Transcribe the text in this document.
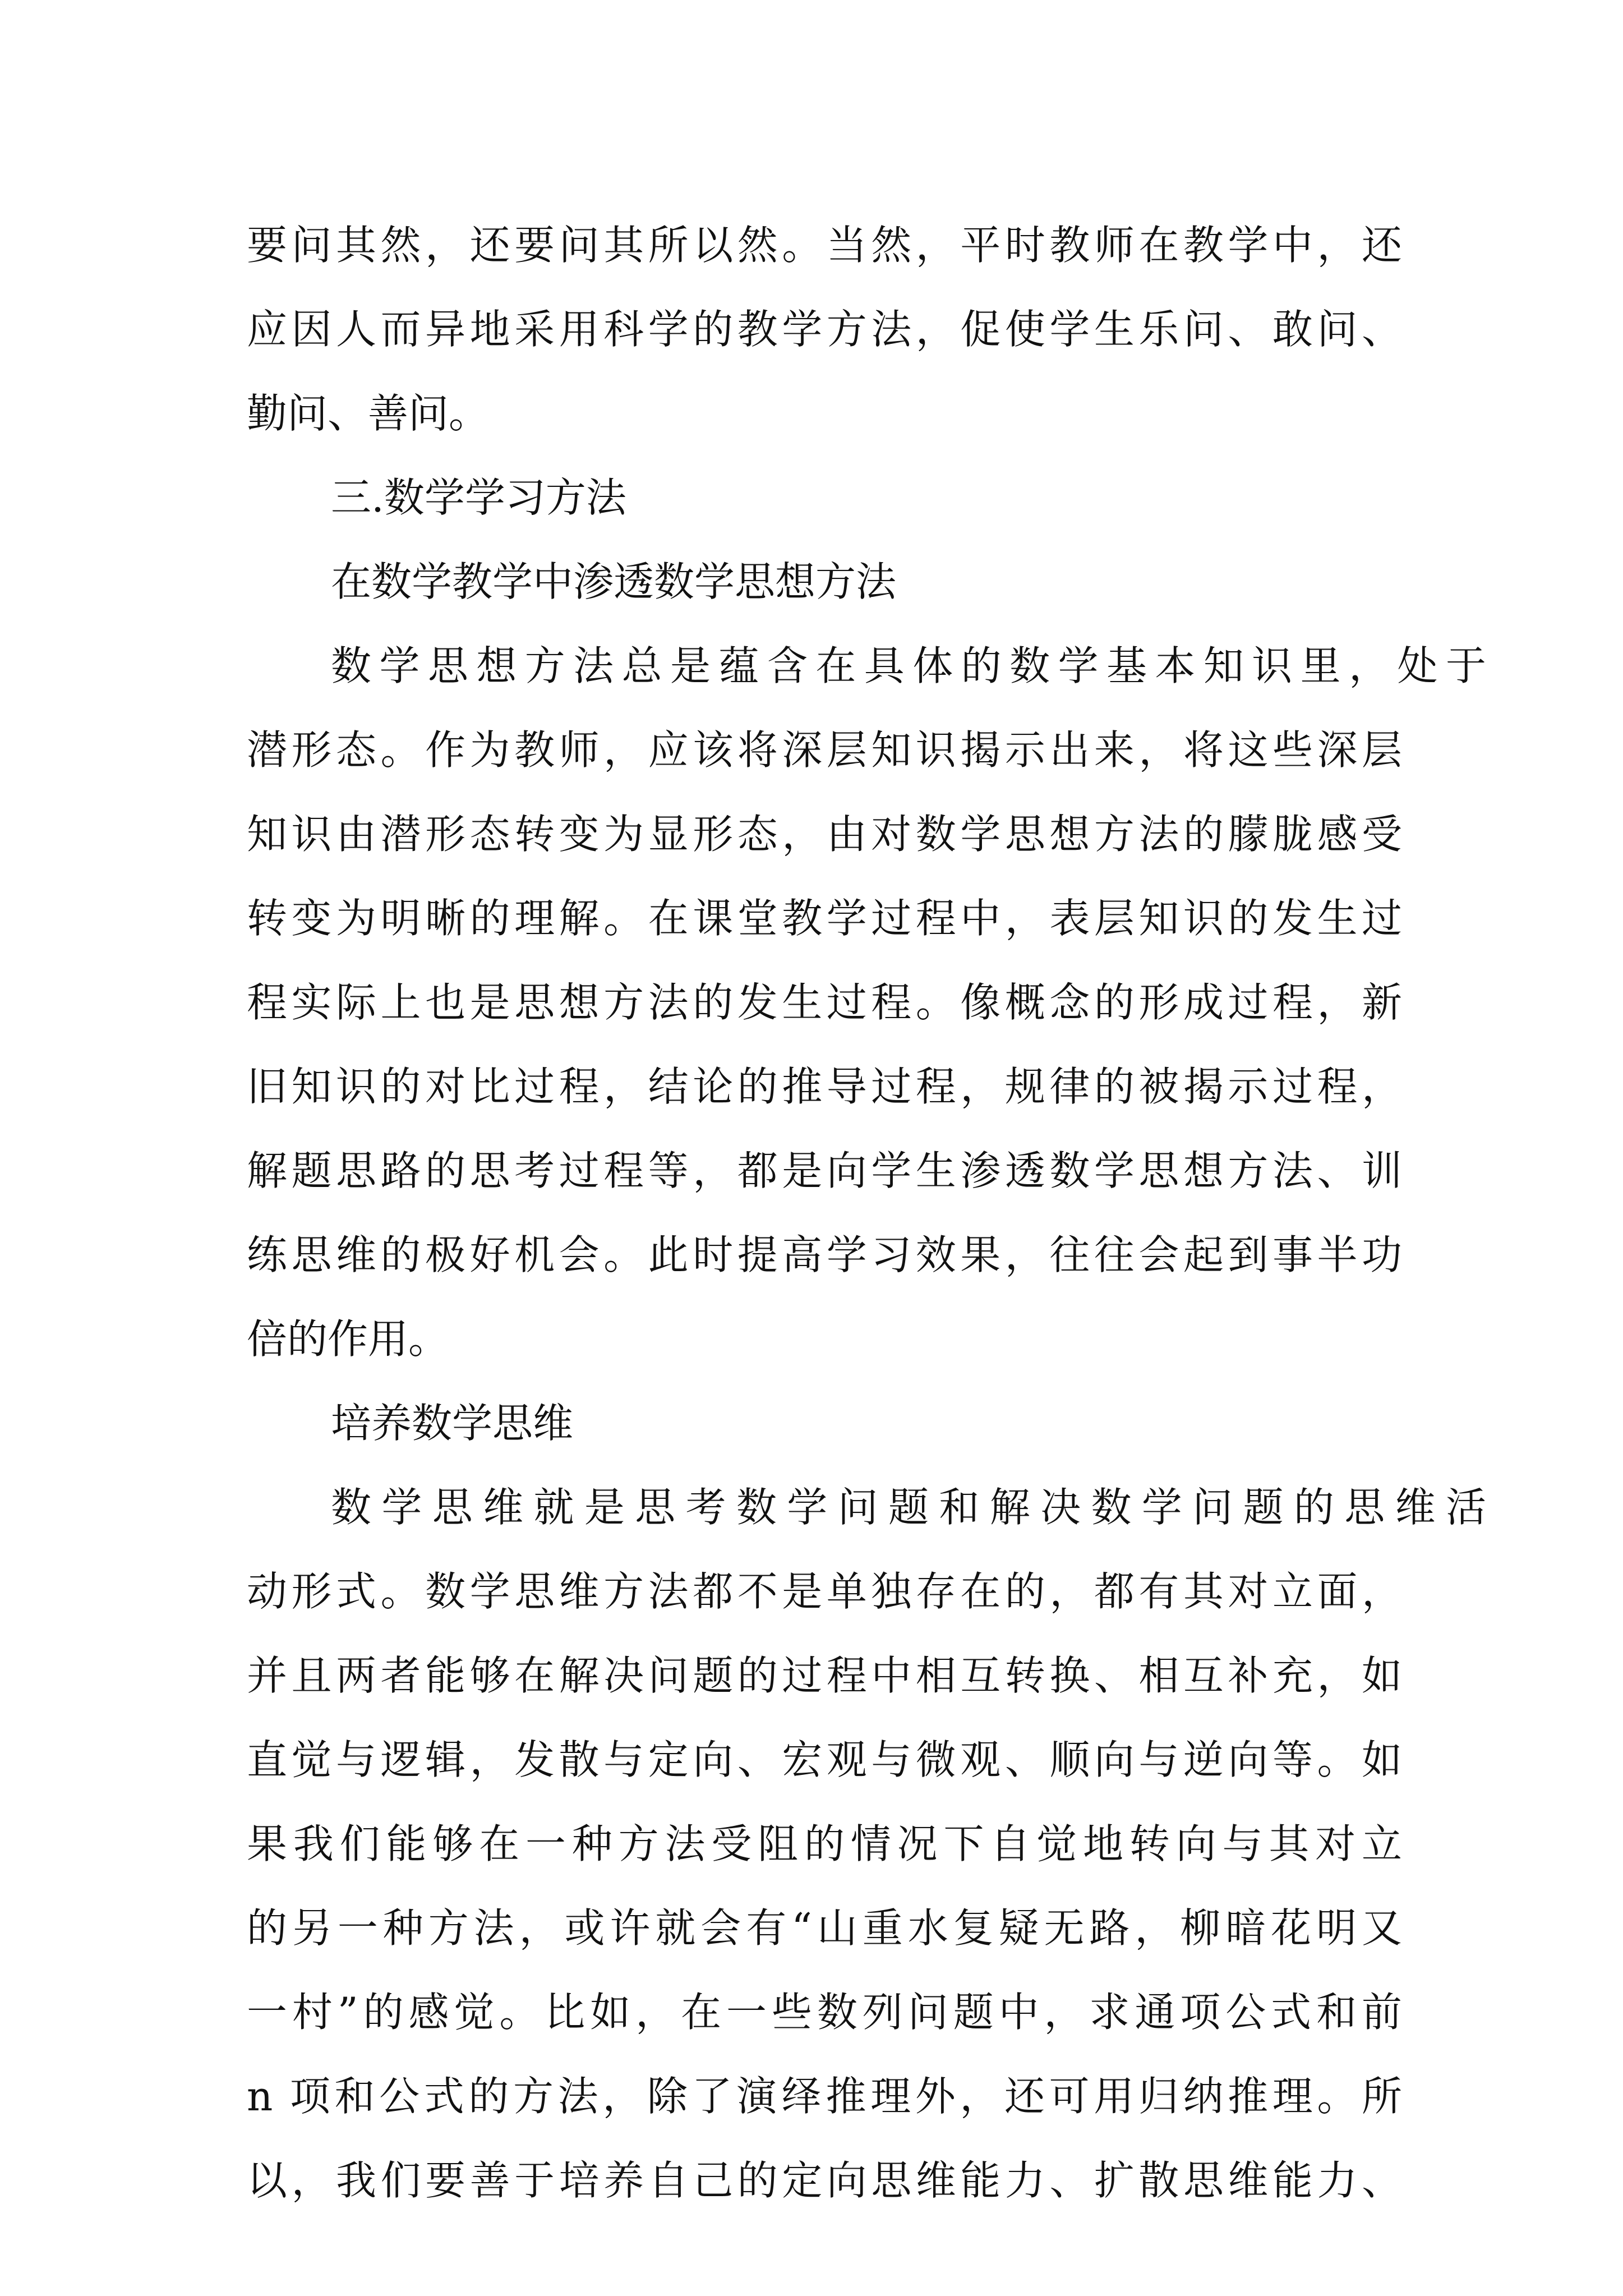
要问其然，还要问其所以然。当然，平时教师在教学中，还
应因人而异地采用科学的教学方法，促使学生乐问、敢问、
勤问、善问。
三.数学学习方法
在数学教学中渗透数学思想方法
数学思想方法总是蕴含在具体的数学基本知识里，处于
潜形态。作为教师，应该将深层知识揭示出来，将这些深层
知识由潜形态转变为显形态，由对数学思想方法的朦胧感受
转变为明晰的理解。在课堂教学过程中，表层知识的发生过
程实际上也是思想方法的发生过程。像概念的形成过程，新
旧知识的对比过程，结论的推导过程，规律的被揭示过程，
解题思路的思考过程等，都是向学生渗透数学思想方法、训
练思维的极好机会。此时提高学习效果，往往会起到事半功
倍的作用。
培养数学思维
数学思维就是思考数学问题和解决数学问题的思维活
动形式。数学思维方法都不是单独存在的，都有其对立面，
并且两者能够在解决问题的过程中相互转换、相互补充，如
直觉与逻辑，发散与定向、宏观与微观、顺向与逆向等。如
果我们能够在一种方法受阻的情况下自觉地转向与其对立
的另一种方法，或许就会有“山重水复疑无路，柳暗花明又
一村”的感觉。比如，在一些数列问题中，求通项公式和前
n 项和公式的方法，除了演绎推理外，还可用归纳推理。所
以，我们要善于培养自己的定向思维能力、扩散思维能力、
